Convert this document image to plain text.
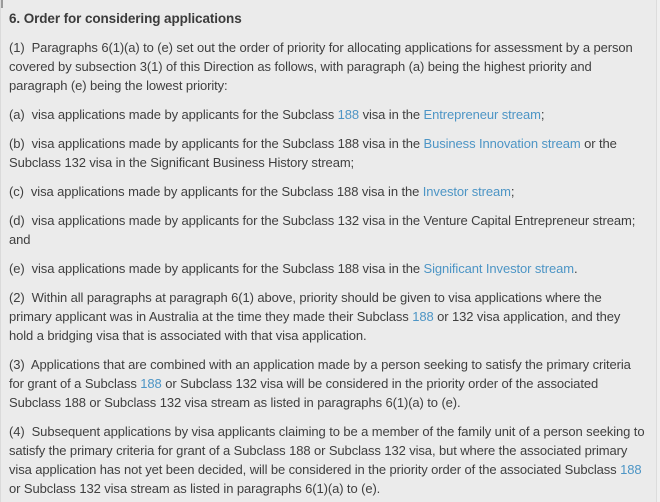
6. Order for considering applications

(1)  Paragraphs 6(1)(a) to (e) set out the order of priority for allocating applications for assessment by a person covered by subsection 3(1) of this Direction as follows, with paragraph (a) being the highest priority and paragraph (e) being the lowest priority:

(a)  visa applications made by applicants for the Subclass 188 visa in the Entrepreneur stream;

(b)  visa applications made by applicants for the Subclass 188 visa in the Business Innovation stream or the Subclass 132 visa in the Significant Business History stream;

(c)  visa applications made by applicants for the Subclass 188 visa in the Investor stream;

(d)  visa applications made by applicants for the Subclass 132 visa in the Venture Capital Entrepreneur stream; and

(e)  visa applications made by applicants for the Subclass 188 visa in the Significant Investor stream.

(2)  Within all paragraphs at paragraph 6(1) above, priority should be given to visa applications where the primary applicant was in Australia at the time they made their Subclass 188 or 132 visa application, and they hold a bridging visa that is associated with that visa application.

(3)  Applications that are combined with an application made by a person seeking to satisfy the primary criteria for grant of a Subclass 188 or Subclass 132 visa will be considered in the priority order of the associated Subclass 188 or Subclass 132 visa stream as listed in paragraphs 6(1)(a) to (e).

(4)  Subsequent applications by visa applicants claiming to be a member of the family unit of a person seeking to satisfy the primary criteria for grant of a Subclass 188 or Subclass 132 visa, but where the associated primary visa application has not yet been decided, will be considered in the priority order of the associated Subclass 188 or Subclass 132 visa stream as listed in paragraphs 6(1)(a) to (e).
